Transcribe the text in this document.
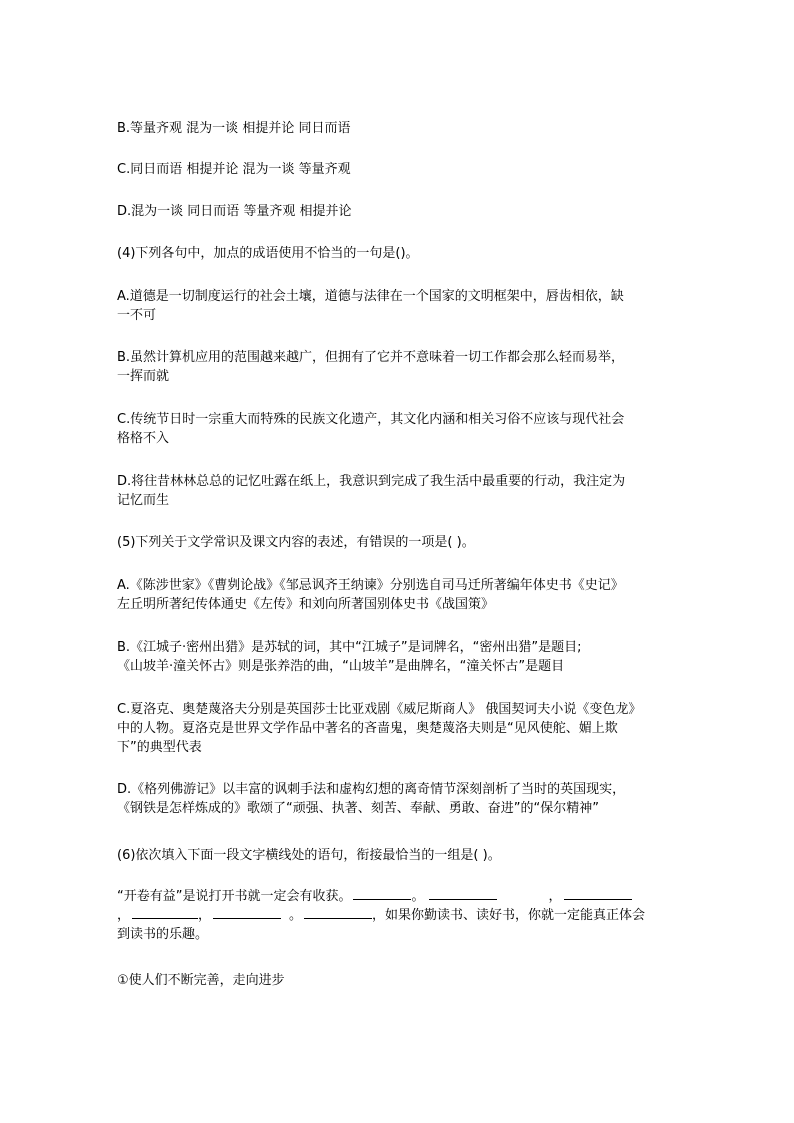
B.等量齐观 混为一谈 相提并论 同日而语
C.同日而语 相提并论 混为一谈 等量齐观
D.混为一谈 同日而语 等量齐观 相提并论
(4)下列各句中，加点的成语使用不恰当的一句是()。
A.道德是一切制度运行的社会土壤，道德与法律在一个国家的文明框架中，唇齿相依，缺
一不可
B.虽然计算机应用的范围越来越广，但拥有了它并不意味着一切工作都会那么轻而易举，
一挥而就
C.传统节日时一宗重大而特殊的民族文化遗产，其文化内涵和相关习俗不应该与现代社会
格格不入
D.将往昔林林总总的记忆吐露在纸上，我意识到完成了我生活中最重要的行动，我注定为
记忆而生
(5)下列关于文学常识及课文内容的表述，有错误的一项是( )。
A.《陈涉世家》《曹刿论战》《邹忌讽齐王纳谏》分别选自司马迁所著编年体史书《史记》
左丘明所著纪传体通史《左传》和刘向所著国别体史书《战国策》
B.《江城子·密州出猎》是苏轼的词，其中“江城子”是词牌名，“密州出猎”是题目;
《山坡羊·潼关怀古》则是张养浩的曲，“山坡羊”是曲牌名，“潼关怀古”是题目
C.夏洛克、奥楚蔑洛夫分别是英国莎士比亚戏剧《威尼斯商人》 俄国契诃夫小说《变色龙》
中的人物。夏洛克是世界文学作品中著名的吝啬鬼，奥楚蔑洛夫则是“见风使舵、媚上欺
下”的典型代表
D.《格列佛游记》以丰富的讽刺手法和虚构幻想的离奇情节深刻剖析了当时的英国现实，
《钢铁是怎样炼成的》歌颂了“顽强、执著、刻苦、奉献、勇敢、奋进”的“保尔精神”
(6)依次填入下面一段文字横线处的语句，衔接最恰当的一组是( )。
“开卷有益”是说打开书就一定会有收获。	。	，
，	，	。	，如果你勤读书、读好书，你就一定能真正体会
到读书的乐趣。
①使人们不断完善，走向进步
